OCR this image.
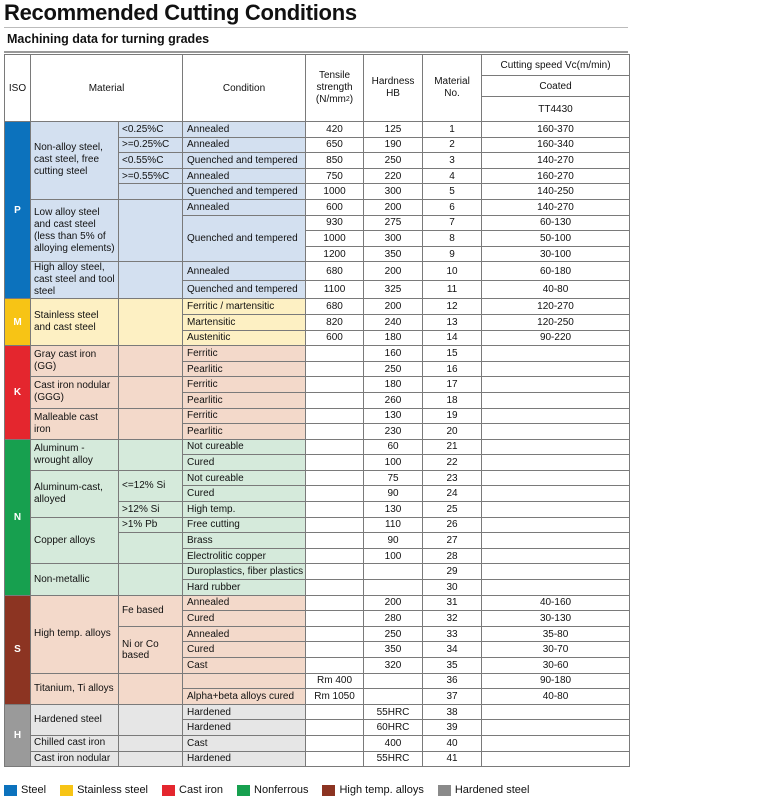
Recommended Cutting Conditions
Machining data for turning grades
ISO	Material		Condition	Tensile
strength
$(N/mm^2)$	Hardness
HB	Material
No.	Cutting speed Vc(m/min)
							Coated
							TT4430
P	Non-alloy steel, cast steel, free cutting steel	<0.25%C	Annealed	420	125	1	160-370
		>=0.25%C	Annealed	650	190	2	160-340
		<0.55%C	Quenched and tempered	850	250	3	140-270
		>=0.55%C	Annealed	750	220	4	160-270
			Quenched and tempered	1000	300	5	140-250
	Low alloy steel and cast steel (less than 5% of alloying elements)		Annealed	600	200	6	140-270
			Quenched and tempered	930	275	7	60-130
				1000	300	8	50-100
				1200	350	9	30-100
	High alloy steel, cast steel and tool steel		Annealed	680	200	10	60-180
			Quenched and tempered	1100	325	11	40-80
M	Stainless steel and cast steel		Ferritic / martensitic	680	200	12	120-270
			Martensitic	820	240	13	120-250
			Austenitic	600	180	14	90-220
K	Gray cast iron (GG)		Ferritic		160	15	
			Pearlitic		250	16	
	Cast iron nodular (GGG)		Ferritic		180	17	
			Pearlitic		260	18	
	Malleable cast iron		Ferritic		130	19	
			Pearlitic		230	20	
N	Aluminum - wrought alloy		Not cureable		60	21	
			Cured		100	22	
	Aluminum-cast, alloyed	<=12% Si	Not cureable		75	23	
			Cured		90	24	
		>12% Si	High temp.		130	25	
	Copper alloys	>1% Pb	Free cutting		110	26	
			Brass		90	27	
			Electrolitic copper		100	28	
	Non-metallic		Duroplastics, fiber plastics			29	
			Hard rubber			30	
S	High temp. alloys	Fe based	Annealed		200	31	40-160
			Cured		280	32	30-130
		Ni or Co based	Annealed		250	33	35-80
			Cured		350	34	30-70
			Cast		320	35	30-60
	Titanium, Ti alloys			Rm 400		36	90-180
			Alpha+beta alloys cured	Rm 1050		37	40-80
H	Hardened steel		Hardened		55HRC	38	
			Hardened		60HRC	39	
	Chilled cast iron		Cast		400	40	
	Cast iron nodular		Hardened		55HRC	41	
Steel	Stainless steel	Cast iron	Nonferrous	High temp. alloys	Hardened steel
